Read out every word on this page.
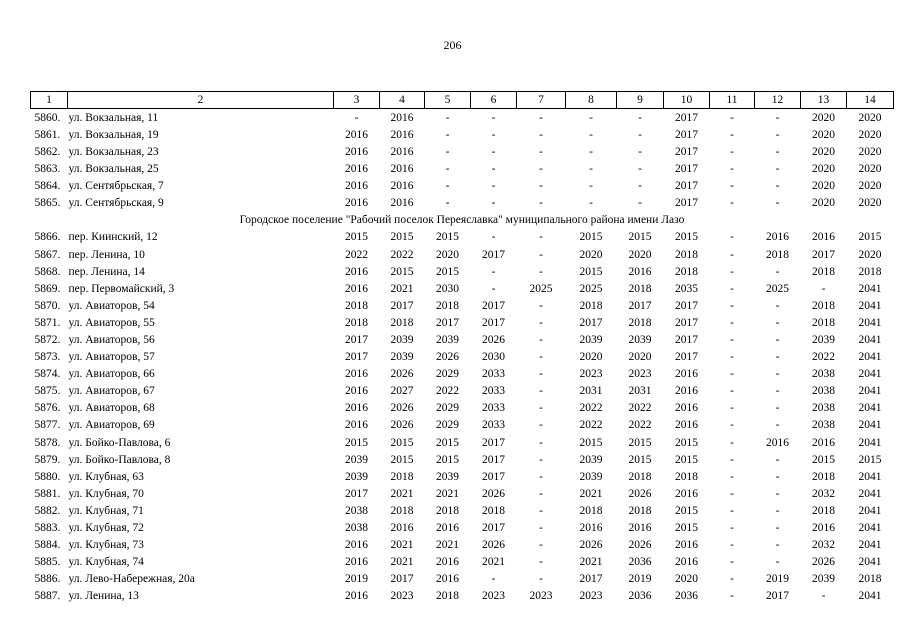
206
1	2	3	4	5	6	7	8	9	10	11	12	13	14
5860.	ул. Вокзальная, 11	-	2016	-	-	-	-	-	2017	-	-	2020	2020
5861.	ул. Вокзальная, 19	2016	2016	-	-	-	-	-	2017	-	-	2020	2020
5862.	ул. Вокзальная, 23	2016	2016	-	-	-	-	-	2017	-	-	2020	2020
5863.	ул. Вокзальная, 25	2016	2016	-	-	-	-	-	2017	-	-	2020	2020
5864.	ул. Сентябрьская, 7	2016	2016	-	-	-	-	-	2017	-	-	2020	2020
5865.	ул. Сентябрьская, 9	2016	2016	-	-	-	-	-	2017	-	-	2020	2020
Городское поселение "Рабочий поселок Переяславка" муниципального района имени Лазо													
5866.	пер. Киинский, 12	2015	2015	2015	-	-	2015	2015	2015	-	2016	2016	2015
5867.	пер. Ленина, 10	2022	2022	2020	2017	-	2020	2020	2018	-	2018	2017	2020
5868.	пер. Ленина, 14	2016	2015	2015	-	-	2015	2016	2018	-	-	2018	2018
5869.	пер. Первомайский, 3	2016	2021	2030	-	2025	2025	2018	2035	-	2025	-	2041
5870.	ул. Авиаторов, 54	2018	2017	2018	2017	-	2018	2017	2017	-	-	2018	2041
5871.	ул. Авиаторов, 55	2018	2018	2017	2017	-	2017	2018	2017	-	-	2018	2041
5872.	ул. Авиаторов, 56	2017	2039	2039	2026	-	2039	2039	2017	-	-	2039	2041
5873.	ул. Авиаторов, 57	2017	2039	2026	2030	-	2020	2020	2017	-	-	2022	2041
5874.	ул. Авиаторов, 66	2016	2026	2029	2033	-	2023	2023	2016	-	-	2038	2041
5875.	ул. Авиаторов, 67	2016	2027	2022	2033	-	2031	2031	2016	-	-	2038	2041
5876.	ул. Авиаторов, 68	2016	2026	2029	2033	-	2022	2022	2016	-	-	2038	2041
5877.	ул. Авиаторов, 69	2016	2026	2029	2033	-	2022	2022	2016	-	-	2038	2041
5878.	ул. Бойко-Павлова, 6	2015	2015	2015	2017	-	2015	2015	2015	-	2016	2016	2041
5879.	ул. Бойко-Павлова, 8	2039	2015	2015	2017	-	2039	2015	2015	-	-	2015	2015
5880.	ул. Клубная, 63	2039	2018	2039	2017	-	2039	2018	2018	-	-	2018	2041
5881.	ул. Клубная, 70	2017	2021	2021	2026	-	2021	2026	2016	-	-	2032	2041
5882.	ул. Клубная, 71	2038	2018	2018	2018	-	2018	2018	2015	-	-	2018	2041
5883.	ул. Клубная, 72	2038	2016	2016	2017	-	2016	2016	2015	-	-	2016	2041
5884.	ул. Клубная, 73	2016	2021	2021	2026	-	2026	2026	2016	-	-	2032	2041
5885.	ул. Клубная, 74	2016	2021	2016	2021	-	2021	2036	2016	-	-	2026	2041
5886.	ул. Лево-Набережная, 20а	2019	2017	2016	-	-	2017	2019	2020	-	2019	2039	2018
5887.	ул. Ленина, 13	2016	2023	2018	2023	2023	2023	2036	2036	-	2017	-	2041
